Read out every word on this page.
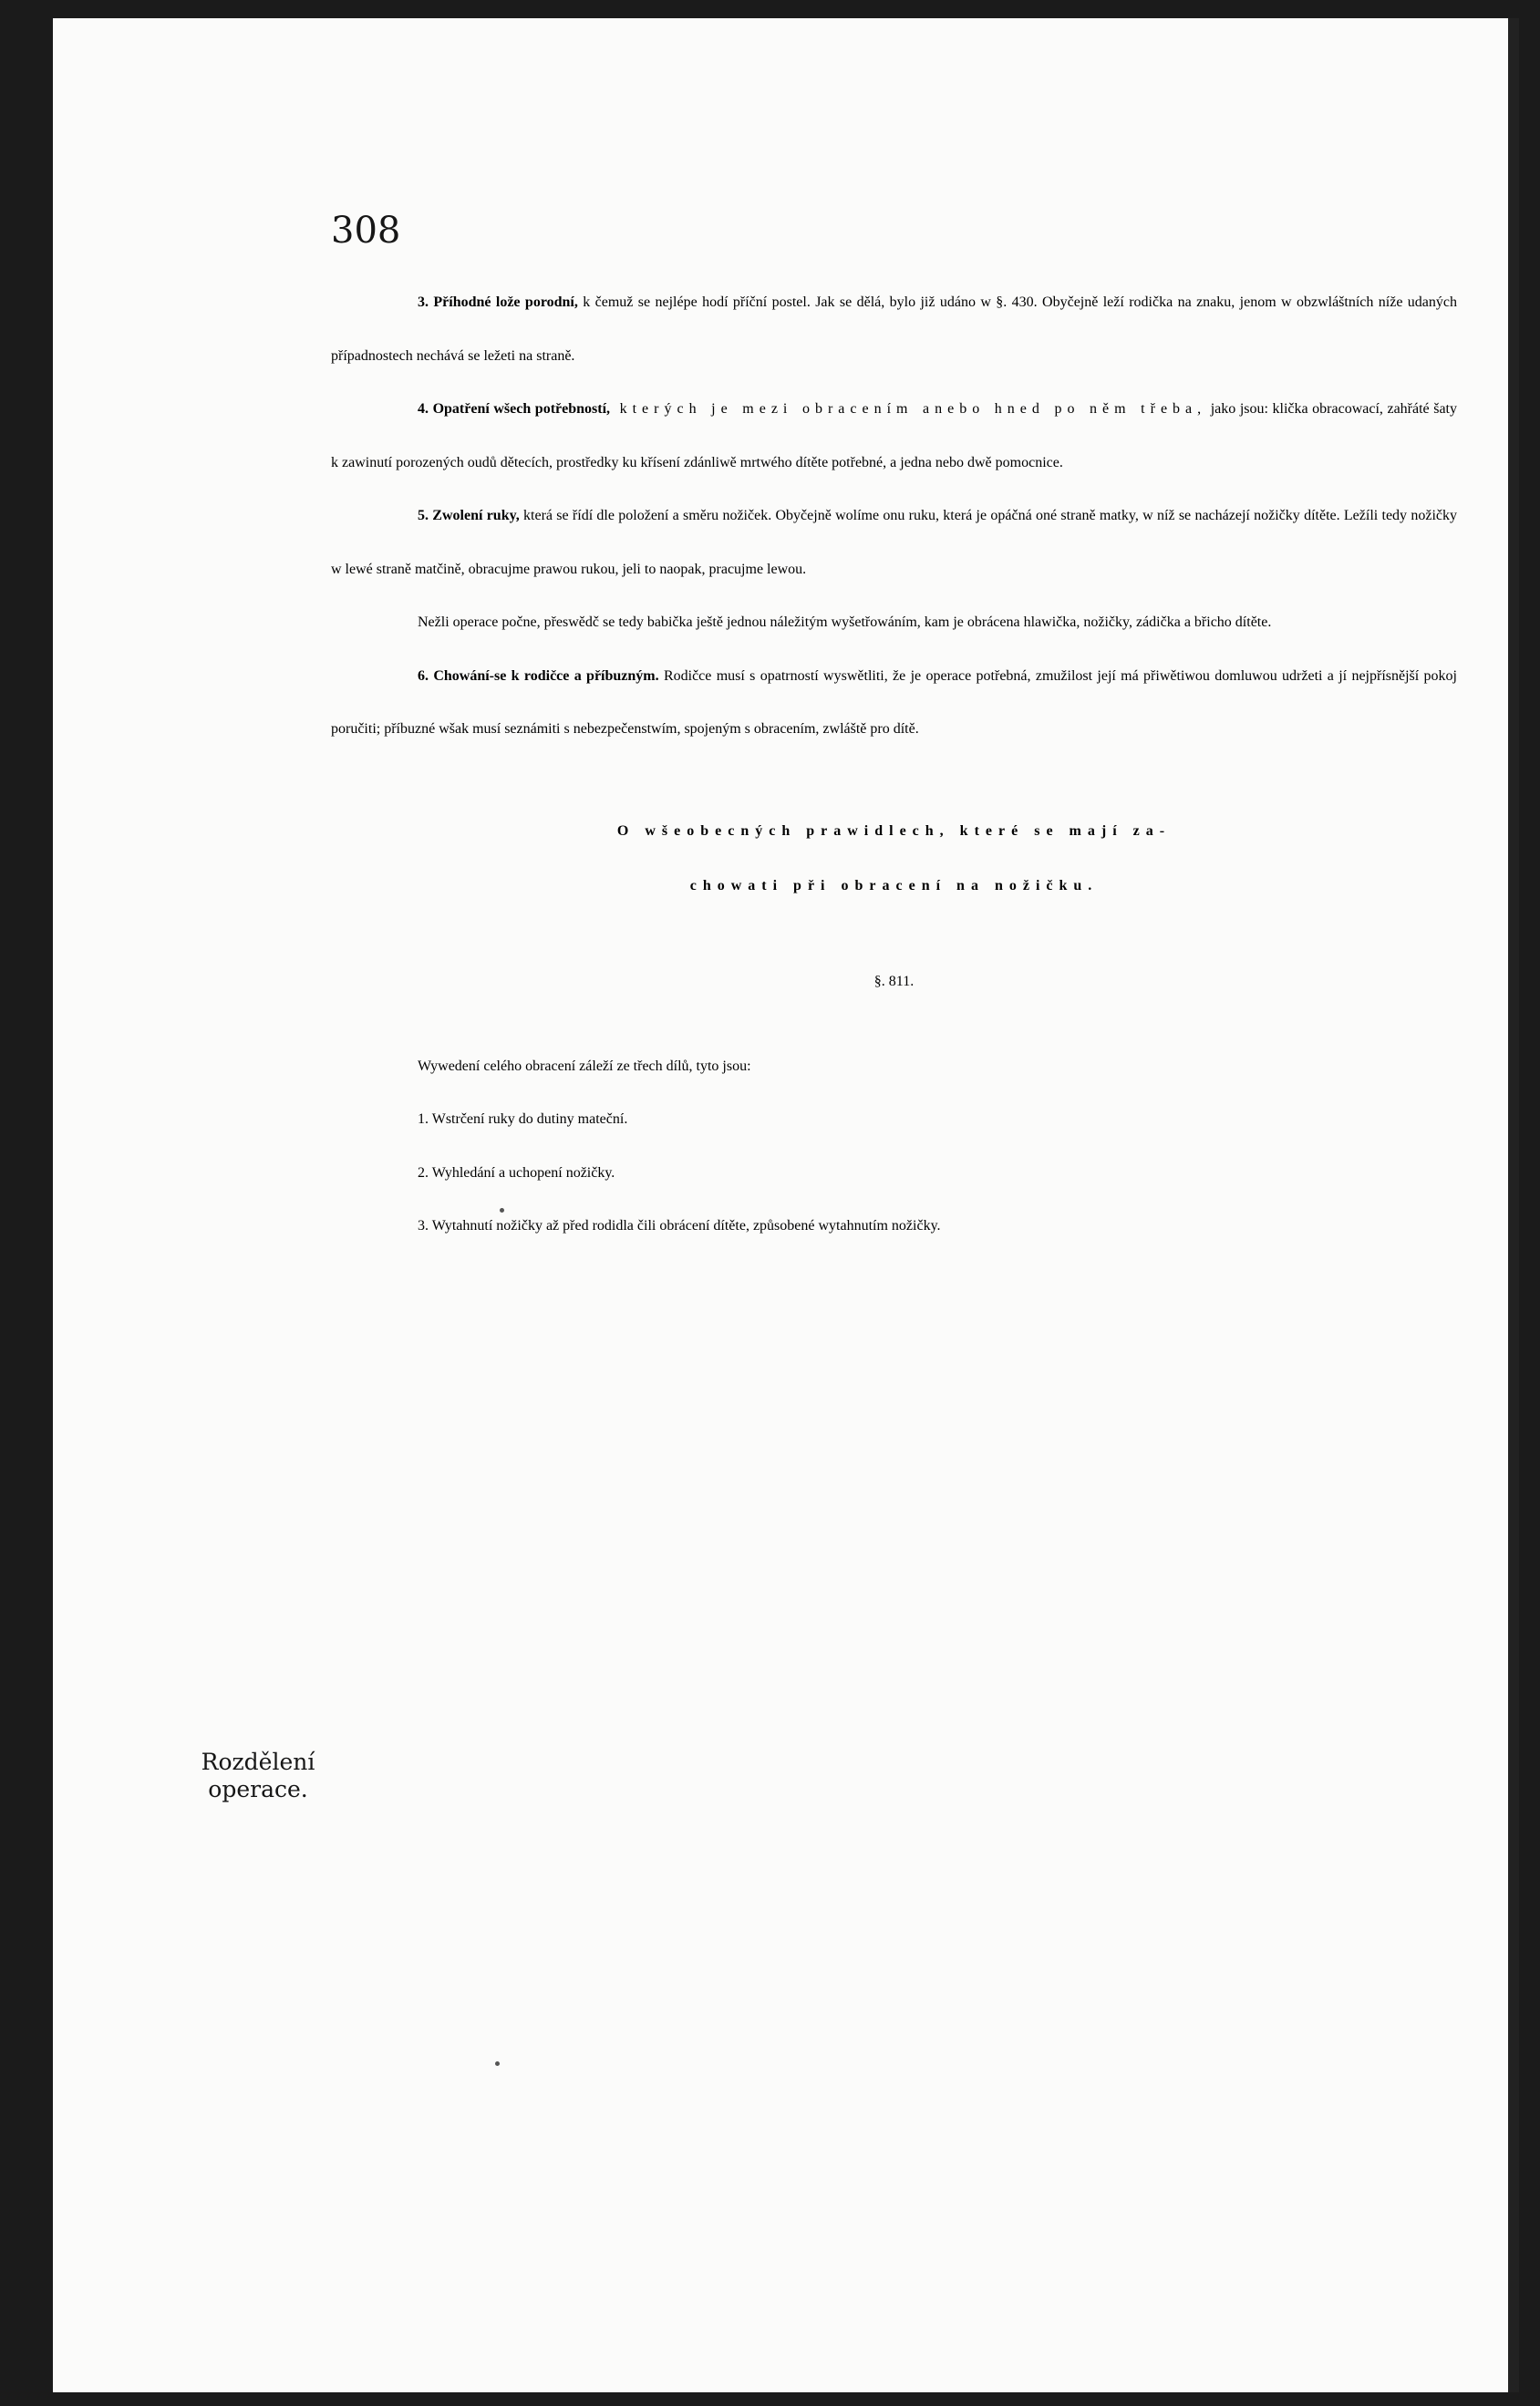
308

3. Příhodné lože porodní, k čemuž se nejlépe hodí příční postel. Jak se dělá, bylo již udáno w §. 430. Obyčejně leží rodička na znaku, jenom w obzwláštních níže udaných případnostech nechává se ležeti na straně.

4. Opatření wšech potřebností, kterých je mezi obracením anebo hned po něm třeba, jako jsou: klička obracowací, zahřáté šaty k zawinutí porozených oudů dětecích, prostředky ku křísení zdánliwě mrtwého dítěte potřebné, a jedna nebo dwě pomocnice.

5. Zwolení ruky, která se řídí dle položení a směru nožiček. Obyčejně wolíme onu ruku, která je opáčná oné straně matky, w níž se nacházejí nožičky dítěte. Ležíli tedy nožičky w lewé straně matčině, obracujme prawou rukou, jeli to naopak, pracujme lewou.

Nežli operace počne, přeswědč se tedy babička ještě jednou náležitým wyšetřowáním, kam je obrácena hlawička, nožičky, zádička a břicho dítěte.

6. Chowání-se k rodičce a příbuzným. Rodičce musí s opatrností wyswětliti, že je operace potřebná, zmužilost její má přiwětiwou domluwou udržeti a jí nejpřísnější pokoj poručiti; příbuzné wšak musí seznámiti s nebezpečenstwím, spojeným s obracením, zwláště pro dítě.

O wšeobecných prawidlech, které se mají za-
chowati při obracení na nožičku.
§. 811.

Wywedení celého obracení záleží ze třech dílů, tyto jsou:

1. Wstrčení ruky do dutiny mateční.

2. Wyhledání a uchopení nožičky.

3. Wytahnutí nožičky až před rodidla čili obrácení dítěte, způsobené wytahnutím nožičky.

Rozdělení
operace.
